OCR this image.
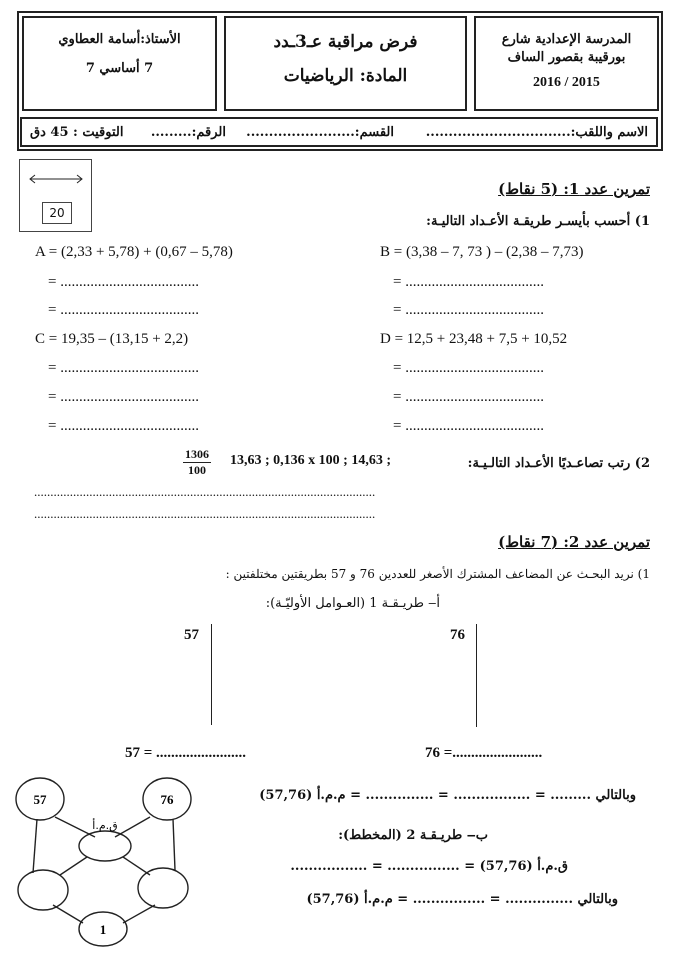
المدرسة الإعدادية شارع
بورقيبة بقصور الساف
2016 / 2015
فرض مراقبة عـ3ـدد
المادة: الرياضيات
الأستاذ:أسامة العطاوي
7 أساسي 7
الاسم واللقب:................................
القسم:........................
الرقم:.........
التوقيت : 45 دق
20
تمرين عدد 1: (5 نقاط)
1) أحسب بأيسـر طريقـة الأعـداد التاليـة:
A = (2,33 + 5,78) + (0,67 – 5,78)	B = (3,38 – 7, 73 ) – (2,38 – 7,73)
= .....................................
= .....................................
= .....................................
= .....................................
C = 19,35 – (13,15 + 2,2)	D = 12,5 + 23,48 + 7,5 + 10,52
= .....................................
= .....................................
= .....................................
= .....................................
= .....................................
= .....................................
2) رتب تصاعـديًا الأعـداد التالـيـة:
13,63 ; 0,136 x 100 ; 14,63 ;
$\frac{1306}{100}$
.........................................................................................................
.........................................................................................................
تمرين عدد 2: (7 نقاط)
1) نريد البحـث عن المضاعف المشترك الأصغر للعددين 76 و 57 بطريقتين مختلفتين :
أ‒ طريـقـة 1 (العـوامل الأوليّـة):
76
57
76 =........................
57 = ........................
وبالتالي ......... = ................. = ............... = م.م.أ (57,76)
ب‒ طريـقـة 2 (المخطط):
ق.م.أ (57,76) = ................ = .................
وبالتالي ............... = ................ = م.م.أ (57,76)
57	76
ق.م.أ
1
